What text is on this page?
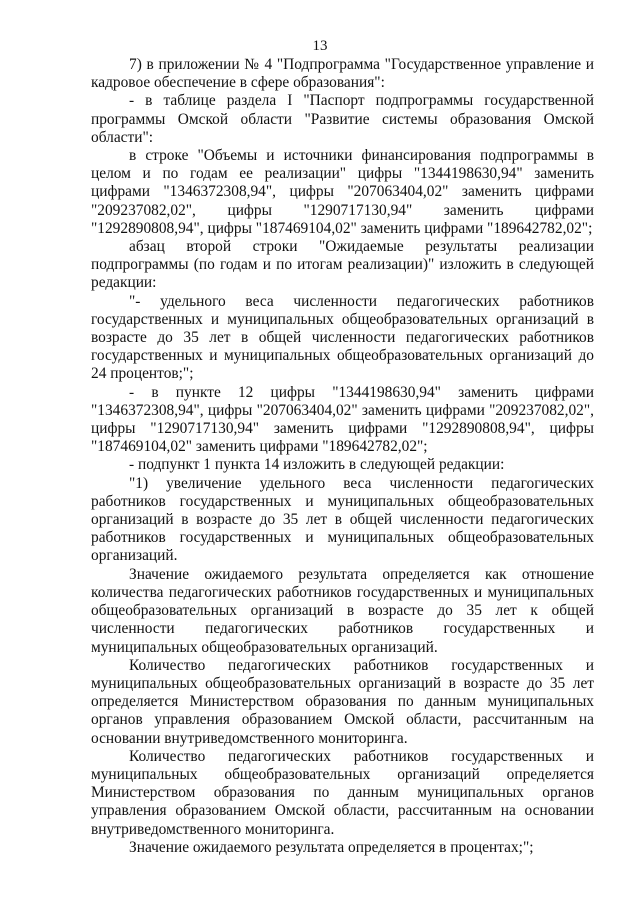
13

7) в приложении № 4 "Подпрограмма "Государственное управление и кадровое обеспечение в сфере образования":

- в таблице раздела I "Паспорт подпрограммы государственной программы Омской области "Развитие системы образования Омской области":

в строке "Объемы и источники финансирования подпрограммы в целом и по годам ее реализации" цифры "1344198630,94" заменить цифрами "1346372308,94", цифры "207063404,02" заменить цифрами "209237082,02", цифры "1290717130,94" заменить цифрами "1292890808,94", цифры "187469104,02" заменить цифрами "189642782,02";

абзац второй строки "Ожидаемые результаты реализации подпрограммы (по годам и по итогам реализации)" изложить в следующей редакции:

"- удельного веса численности педагогических работников государственных и муниципальных общеобразовательных организаций в возрасте до 35 лет в общей численности педагогических работников государственных и муниципальных общеобразовательных организаций до 24 процентов;";

- в пункте 12 цифры "1344198630,94" заменить цифрами "1346372308,94", цифры "207063404,02" заменить цифрами "209237082,02", цифры "1290717130,94" заменить цифрами "1292890808,94", цифры "187469104,02" заменить цифрами "189642782,02";

- подпункт 1 пункта 14 изложить в следующей редакции:

"1) увеличение удельного веса численности педагогических работников государственных и муниципальных общеобразовательных организаций в возрасте до 35 лет в общей численности педагогических работников государственных и муниципальных общеобразовательных организаций.

Значение ожидаемого результата определяется как отношение количества педагогических работников государственных и муниципальных общеобразовательных организаций в возрасте до 35 лет к общей численности педагогических работников государственных и муниципальных общеобразовательных организаций.

Количество педагогических работников государственных и муниципальных общеобразовательных организаций в возрасте до 35 лет определяется Министерством образования по данным муниципальных органов управления образованием Омской области, рассчитанным на основании внутриведомственного мониторинга.

Количество педагогических работников государственных и муниципальных общеобразовательных организаций определяется Министерством образования по данным муниципальных органов управления образованием Омской области, рассчитанным на основании внутриведомственного мониторинга.

Значение ожидаемого результата определяется в процентах;";
